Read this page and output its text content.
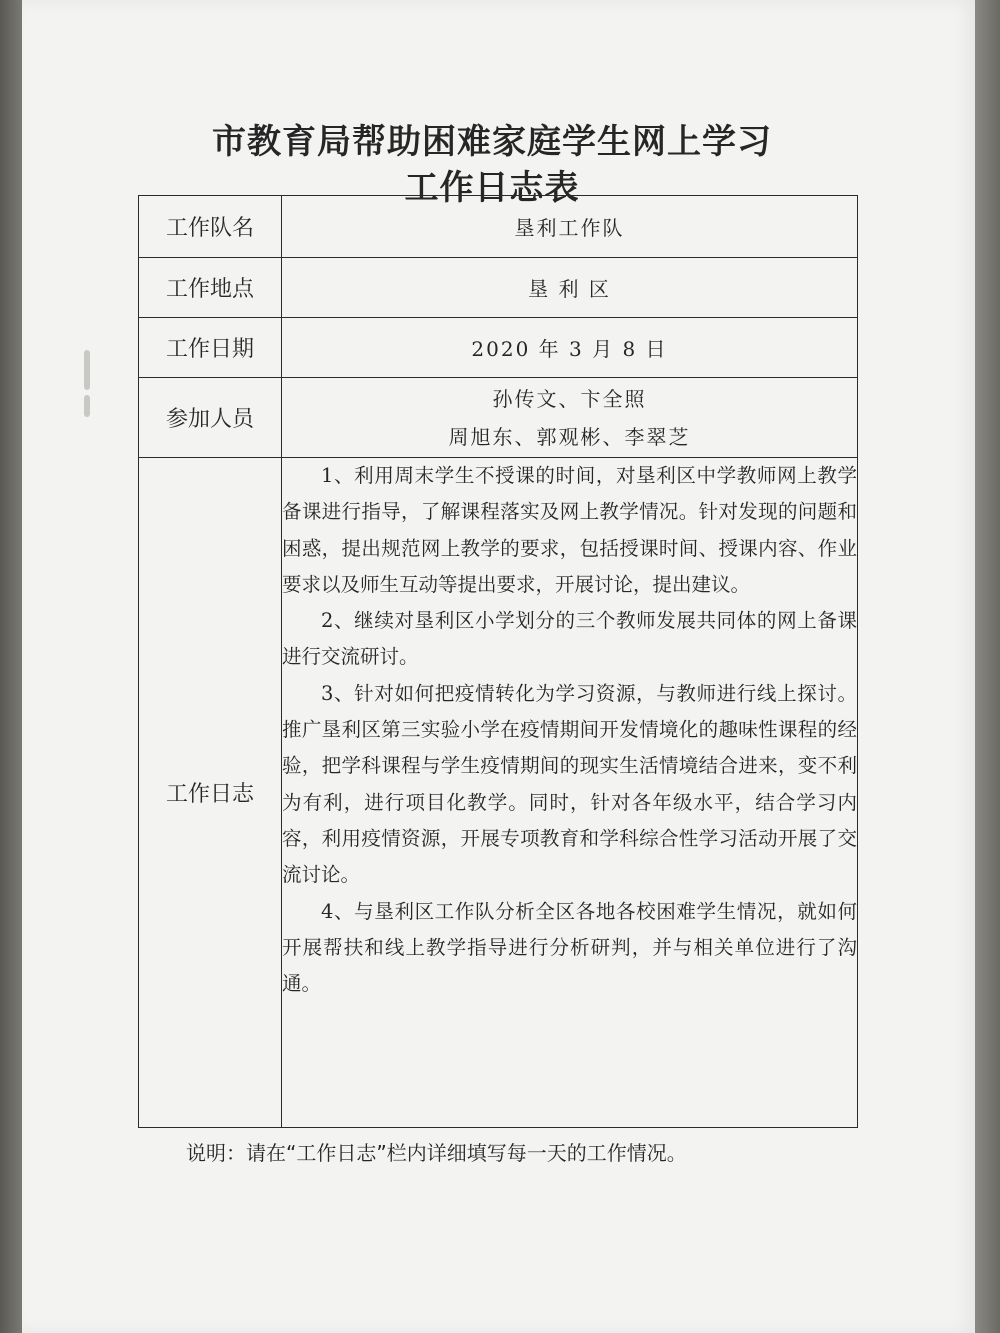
市教育局帮助困难家庭学生网上学习
工作日志表
工作队名	垦利工作队
工作地点	垦 利 区
工作日期	2020 年 3 月 8 日
参加人员	孙传文、卞全照
周旭东、郭观彬、李翠芝

工作日志	1、利用周末学生不授课的时间，对垦利区中学教师网上教学备课进行指导，了解课程落实及网上教学情况。针对发现的问题和困惑，提出规范网上教学的要求，包括授课时间、授课内容、作业要求以及师生互动等提出要求，开展讨论，提出建议。

2、继续对垦利区小学划分的三个教师发展共同体的网上备课进行交流研讨。

3、针对如何把疫情转化为学习资源，与教师进行线上探讨。推广垦利区第三实验小学在疫情期间开发情境化的趣味性课程的经验，把学科课程与学生疫情期间的现实生活情境结合进来，变不利为有利，进行项目化教学。同时，针对各年级水平，结合学习内容，利用疫情资源，开展专项教育和学科综合性学习活动开展了交流讨论。

4、与垦利区工作队分析全区各地各校困难学生情况，就如何开展帮扶和线上教学指导进行分析研判，并与相关单位进行了沟通。

说明：请在“工作日志”栏内详细填写每一天的工作情况。
